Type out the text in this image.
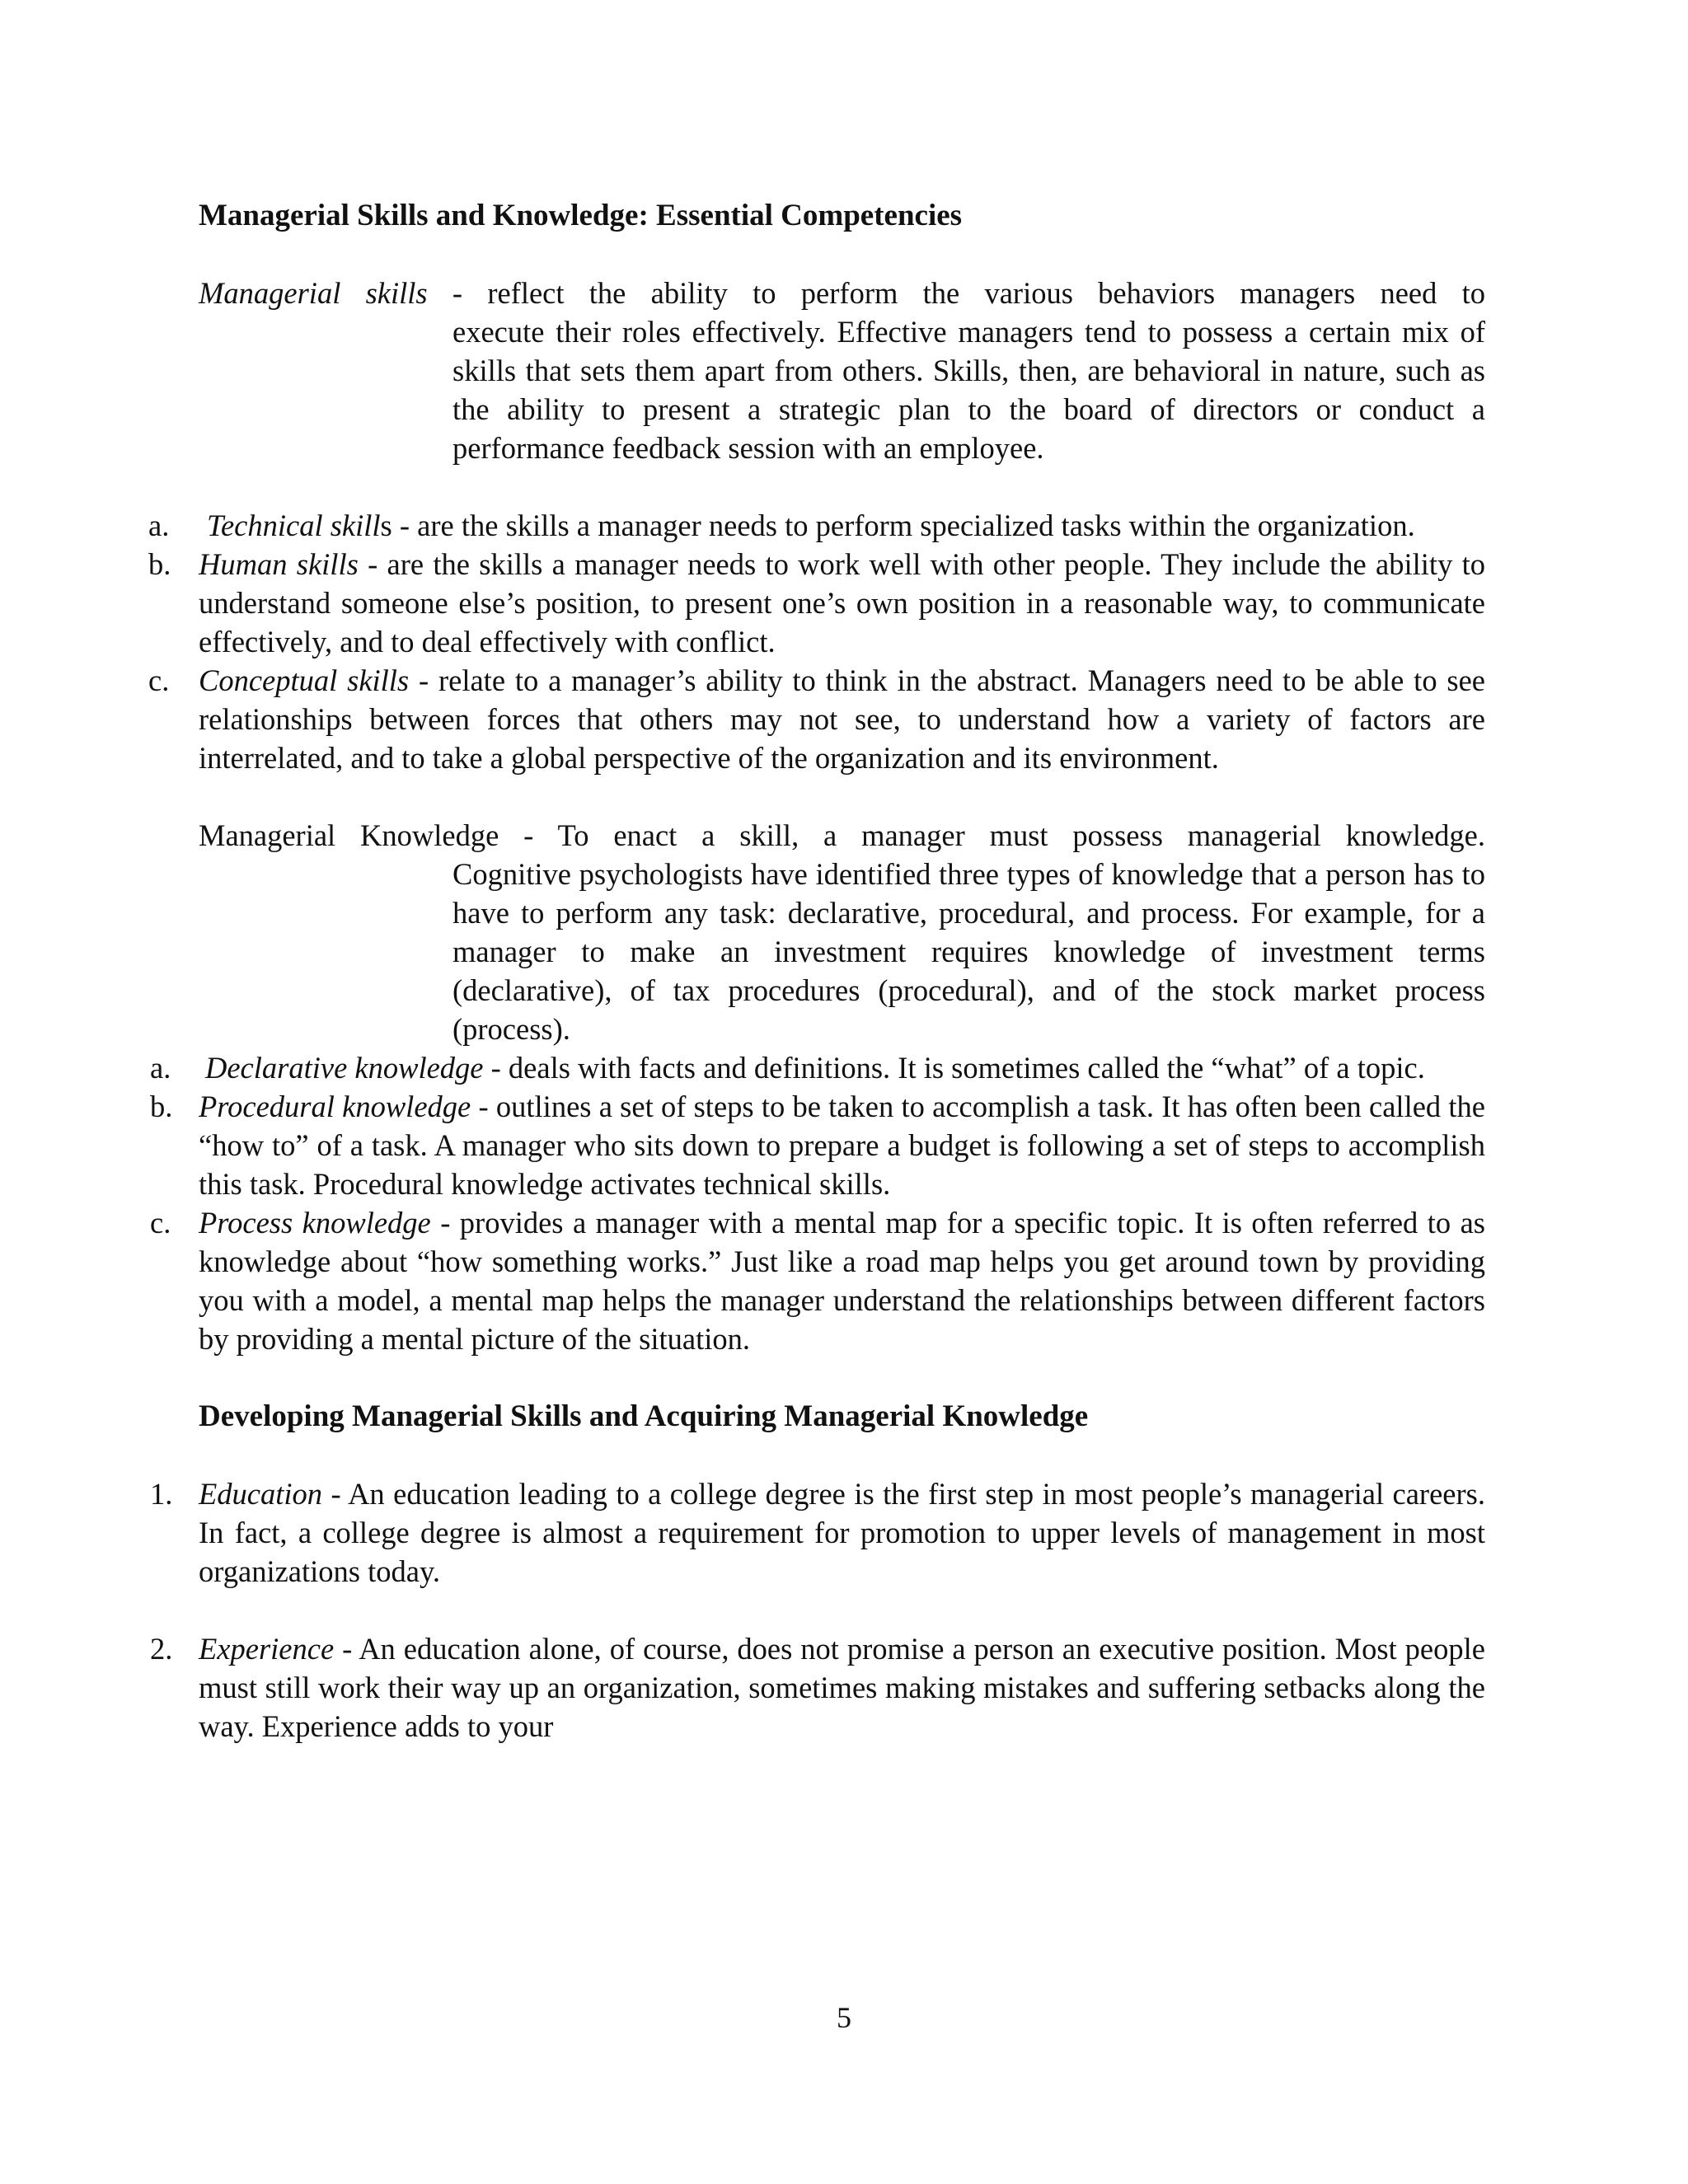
Managerial Skills and Knowledge: Essential Competencies

Managerial skills - reflect the ability to perform the various behaviors managers need to
execute their roles effectively. Effective managers tend to possess a certain mix of skills that sets them apart from others. Skills, then, are behavioral in nature, such as the ability to present a strategic plan to the board of directors or conduct a performance feedback session with an employee.

a. Technical skills - are the skills a manager needs to perform specialized tasks within the organization.
b. Human skills - are the skills a manager needs to work well with other people. They include the ability to understand someone else’s position, to present one’s own position in a reasonable way, to communicate effectively, and to deal effectively with conflict.
c. Conceptual skills - relate to a manager’s ability to think in the abstract. Managers need to be able to see relationships between forces that others may not see, to understand how a variety of factors are interrelated, and to take a global perspective of the organization and its environment.

Managerial Knowledge - To enact a skill, a manager must possess managerial knowledge.
Cognitive psychologists have identified three types of knowledge that a person has to have to perform any task: declarative, procedural, and process. For example, for a manager to make an investment requires knowledge of investment terms (declarative), of tax procedures (procedural), and of the stock market process (process).

a. Declarative knowledge - deals with facts and definitions. It is sometimes called the “what” of a topic.
b. Procedural knowledge - outlines a set of steps to be taken to accomplish a task. It has often been called the “how to” of a task. A manager who sits down to prepare a budget is following a set of steps to accomplish this task. Procedural knowledge activates technical skills.
c. Process knowledge - provides a manager with a mental map for a specific topic. It is often referred to as knowledge about “how something works.” Just like a road map helps you get around town by providing you with a model, a mental map helps the manager understand the relationships between different factors by providing a mental picture of the situation.

Developing Managerial Skills and Acquiring Managerial Knowledge

1. Education - An education leading to a college degree is the first step in most people’s managerial careers. In fact, a college degree is almost a requirement for promotion to upper levels of management in most organizations today.
2. Experience - An education alone, of course, does not promise a person an executive position. Most people must still work their way up an organization, sometimes making mistakes and suffering setbacks along the way. Experience adds to your
5
